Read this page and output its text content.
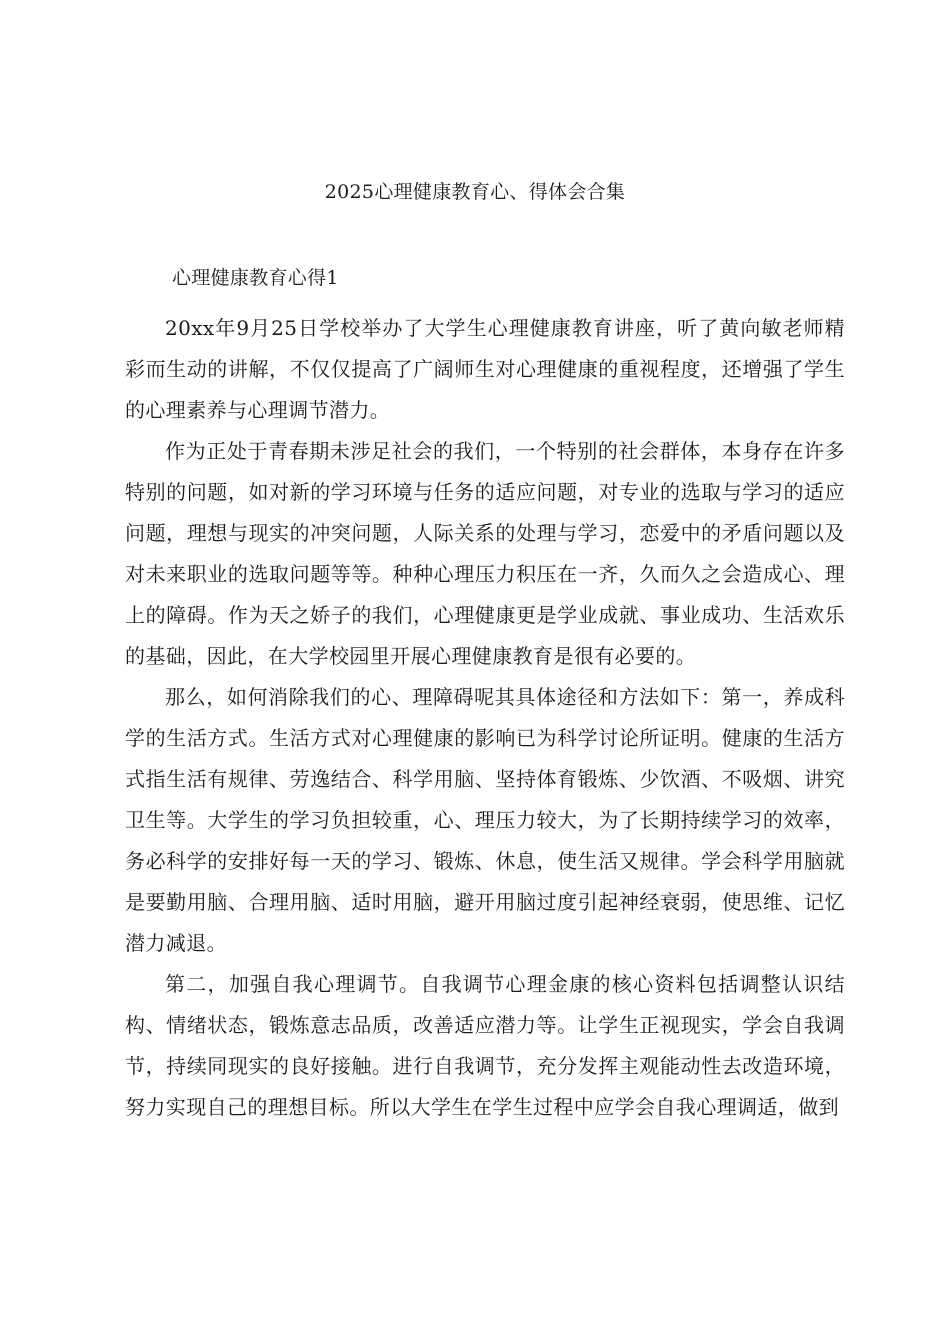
2025心理健康教育心、得体会合集
心理健康教育心得1

20xx年9月25日学校举办了大学生心理健康教育讲座，听了黄向敏老师精彩而生动的讲解，不仅仅提高了广阔师生对心理健康的重视程度，还增强了学生的心理素养与心理调节潜力。

作为正处于青春期未涉足社会的我们，一个特别的社会群体，本身存在许多特别的问题，如对新的学习环境与任务的适应问题，对专业的选取与学习的适应问题，理想与现实的冲突问题，人际关系的处理与学习，恋爱中的矛盾问题以及对未来职业的选取问题等等。种种心理压力积压在一齐，久而久之会造成心、理上的障碍。作为天之娇子的我们，心理健康更是学业成就、事业成功、生活欢乐的基础，因此，在大学校园里开展心理健康教育是很有必要的。

那么，如何消除我们的心、理障碍呢其具体途径和方法如下：第一，养成科学的生活方式。生活方式对心理健康的影响已为科学讨论所证明。健康的生活方式指生活有规律、劳逸结合、科学用脑、坚持体育锻炼、少饮酒、不吸烟、讲究卫生等。大学生的学习负担较重，心、理压力较大，为了长期持续学习的效率，务必科学的安排好每一天的学习、锻炼、休息，使生活又规律。学会科学用脑就是要勤用脑、合理用脑、适时用脑，避开用脑过度引起神经衰弱，使思维、记忆潜力减退。

第二，加强自我心理调节。自我调节心理金康的核心资料包括调整认识结构、情绪状态，锻炼意志品质，改善适应潜力等。让学生正视现实，学会自我调节，持续同现实的良好接触。进行自我调节，充分发挥主观能动性去改造环境，努力实现自己的理想目标。所以大学生在学生过程中应学会自我心理调适，做到
